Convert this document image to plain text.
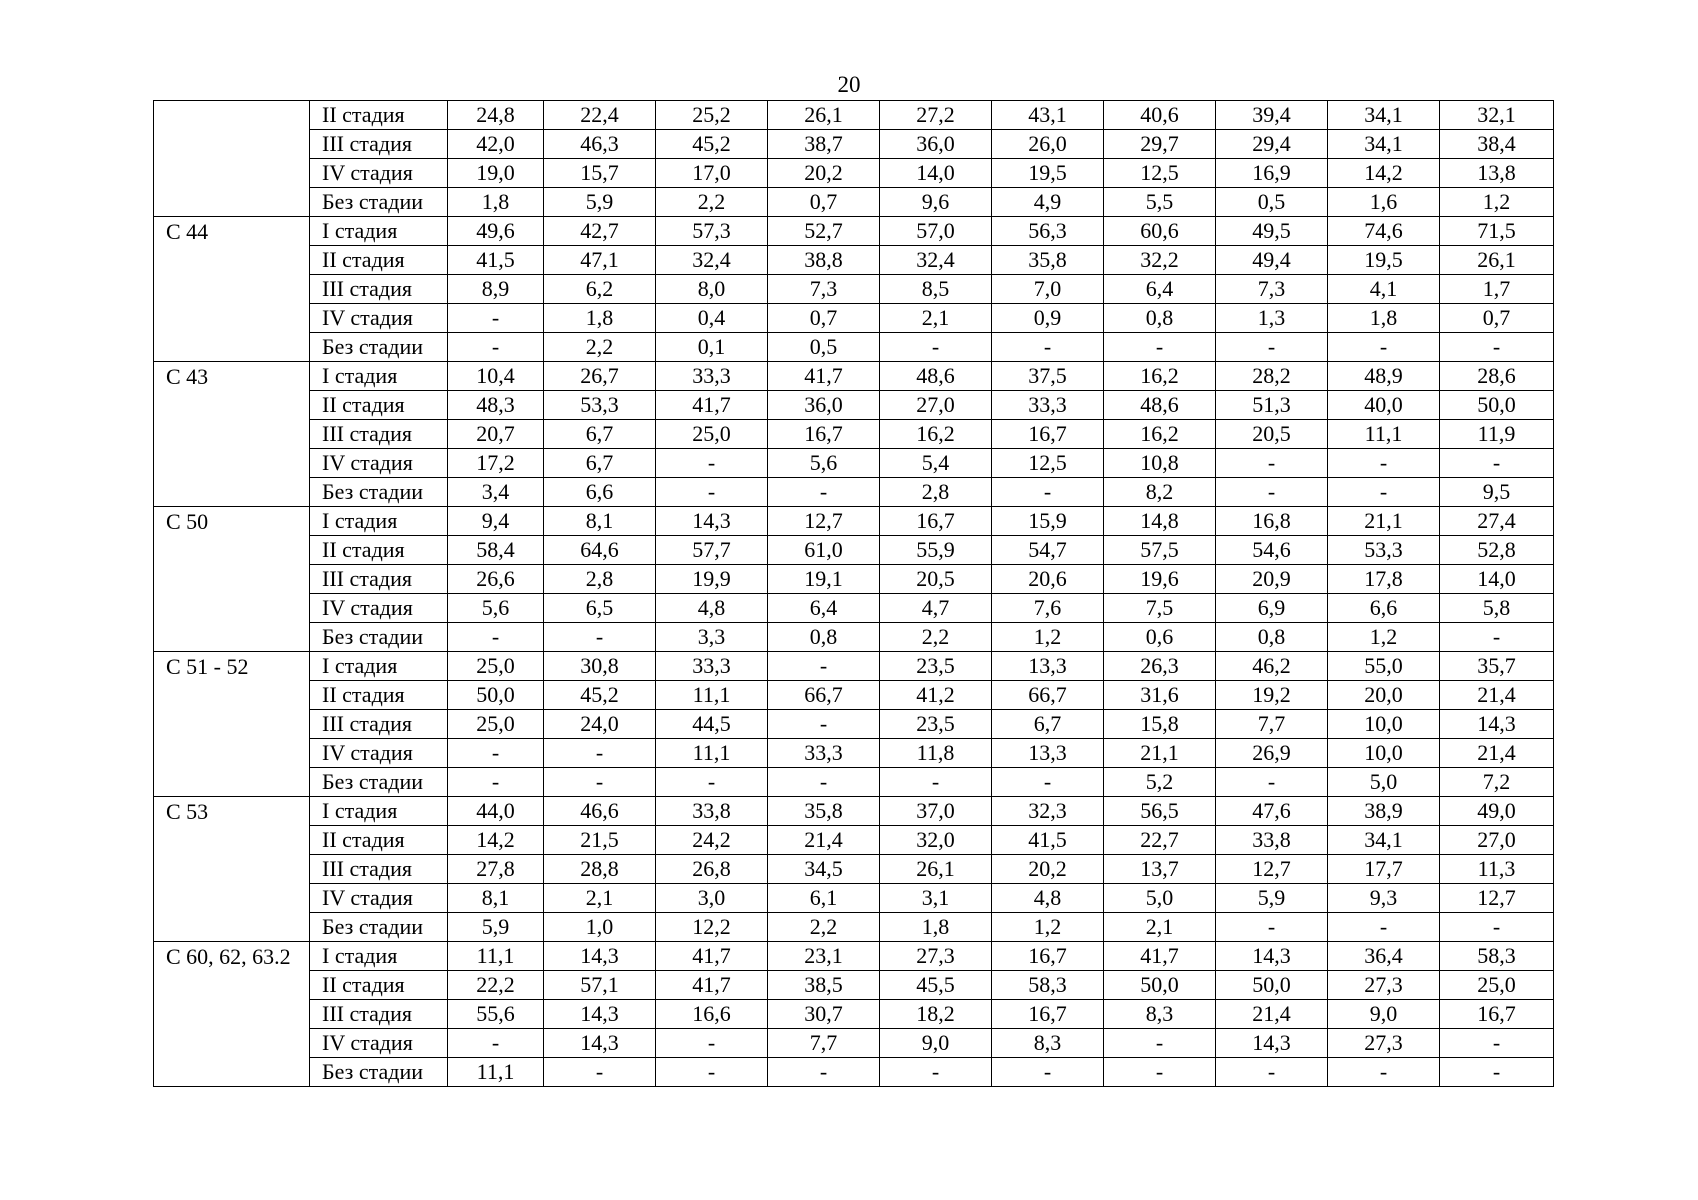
20
	II стадия	24,8	22,4	25,2	26,1	27,2	43,1	40,6	39,4	34,1	32,1
	III стадия	42,0	46,3	45,2	38,7	36,0	26,0	29,7	29,4	34,1	38,4
	IV стадия	19,0	15,7	17,0	20,2	14,0	19,5	12,5	16,9	14,2	13,8
	Без стадии	1,8	5,9	2,2	0,7	9,6	4,9	5,5	0,5	1,6	1,2
С 44	I стадия	49,6	42,7	57,3	52,7	57,0	56,3	60,6	49,5	74,6	71,5
	II стадия	41,5	47,1	32,4	38,8	32,4	35,8	32,2	49,4	19,5	26,1
	III стадия	8,9	6,2	8,0	7,3	8,5	7,0	6,4	7,3	4,1	1,7
	IV стадия	-	1,8	0,4	0,7	2,1	0,9	0,8	1,3	1,8	0,7
	Без стадии	-	2,2	0,1	0,5	-	-	-	-	-	-
С 43	I стадия	10,4	26,7	33,3	41,7	48,6	37,5	16,2	28,2	48,9	28,6
	II стадия	48,3	53,3	41,7	36,0	27,0	33,3	48,6	51,3	40,0	50,0
	III стадия	20,7	6,7	25,0	16,7	16,2	16,7	16,2	20,5	11,1	11,9
	IV стадия	17,2	6,7	-	5,6	5,4	12,5	10,8	-	-	-
	Без стадии	3,4	6,6	-	-	2,8	-	8,2	-	-	9,5
С 50	I стадия	9,4	8,1	14,3	12,7	16,7	15,9	14,8	16,8	21,1	27,4
	II стадия	58,4	64,6	57,7	61,0	55,9	54,7	57,5	54,6	53,3	52,8
	III стадия	26,6	2,8	19,9	19,1	20,5	20,6	19,6	20,9	17,8	14,0
	IV стадия	5,6	6,5	4,8	6,4	4,7	7,6	7,5	6,9	6,6	5,8
	Без стадии	-	-	3,3	0,8	2,2	1,2	0,6	0,8	1,2	-
С 51 - 52	I стадия	25,0	30,8	33,3	-	23,5	13,3	26,3	46,2	55,0	35,7
	II стадия	50,0	45,2	11,1	66,7	41,2	66,7	31,6	19,2	20,0	21,4
	III стадия	25,0	24,0	44,5	-	23,5	6,7	15,8	7,7	10,0	14,3
	IV стадия	-	-	11,1	33,3	11,8	13,3	21,1	26,9	10,0	21,4
	Без стадии	-	-	-	-	-	-	5,2	-	5,0	7,2
С 53	I стадия	44,0	46,6	33,8	35,8	37,0	32,3	56,5	47,6	38,9	49,0
	II стадия	14,2	21,5	24,2	21,4	32,0	41,5	22,7	33,8	34,1	27,0
	III стадия	27,8	28,8	26,8	34,5	26,1	20,2	13,7	12,7	17,7	11,3
	IV стадия	8,1	2,1	3,0	6,1	3,1	4,8	5,0	5,9	9,3	12,7
	Без стадии	5,9	1,0	12,2	2,2	1,8	1,2	2,1	-	-	-
С 60, 62, 63.2	I стадия	11,1	14,3	41,7	23,1	27,3	16,7	41,7	14,3	36,4	58,3
	II стадия	22,2	57,1	41,7	38,5	45,5	58,3	50,0	50,0	27,3	25,0
	III стадия	55,6	14,3	16,6	30,7	18,2	16,7	8,3	21,4	9,0	16,7
	IV стадия	-	14,3	-	7,7	9,0	8,3	-	14,3	27,3	-
	Без стадии	11,1	-	-	-	-	-	-	-	-	-
